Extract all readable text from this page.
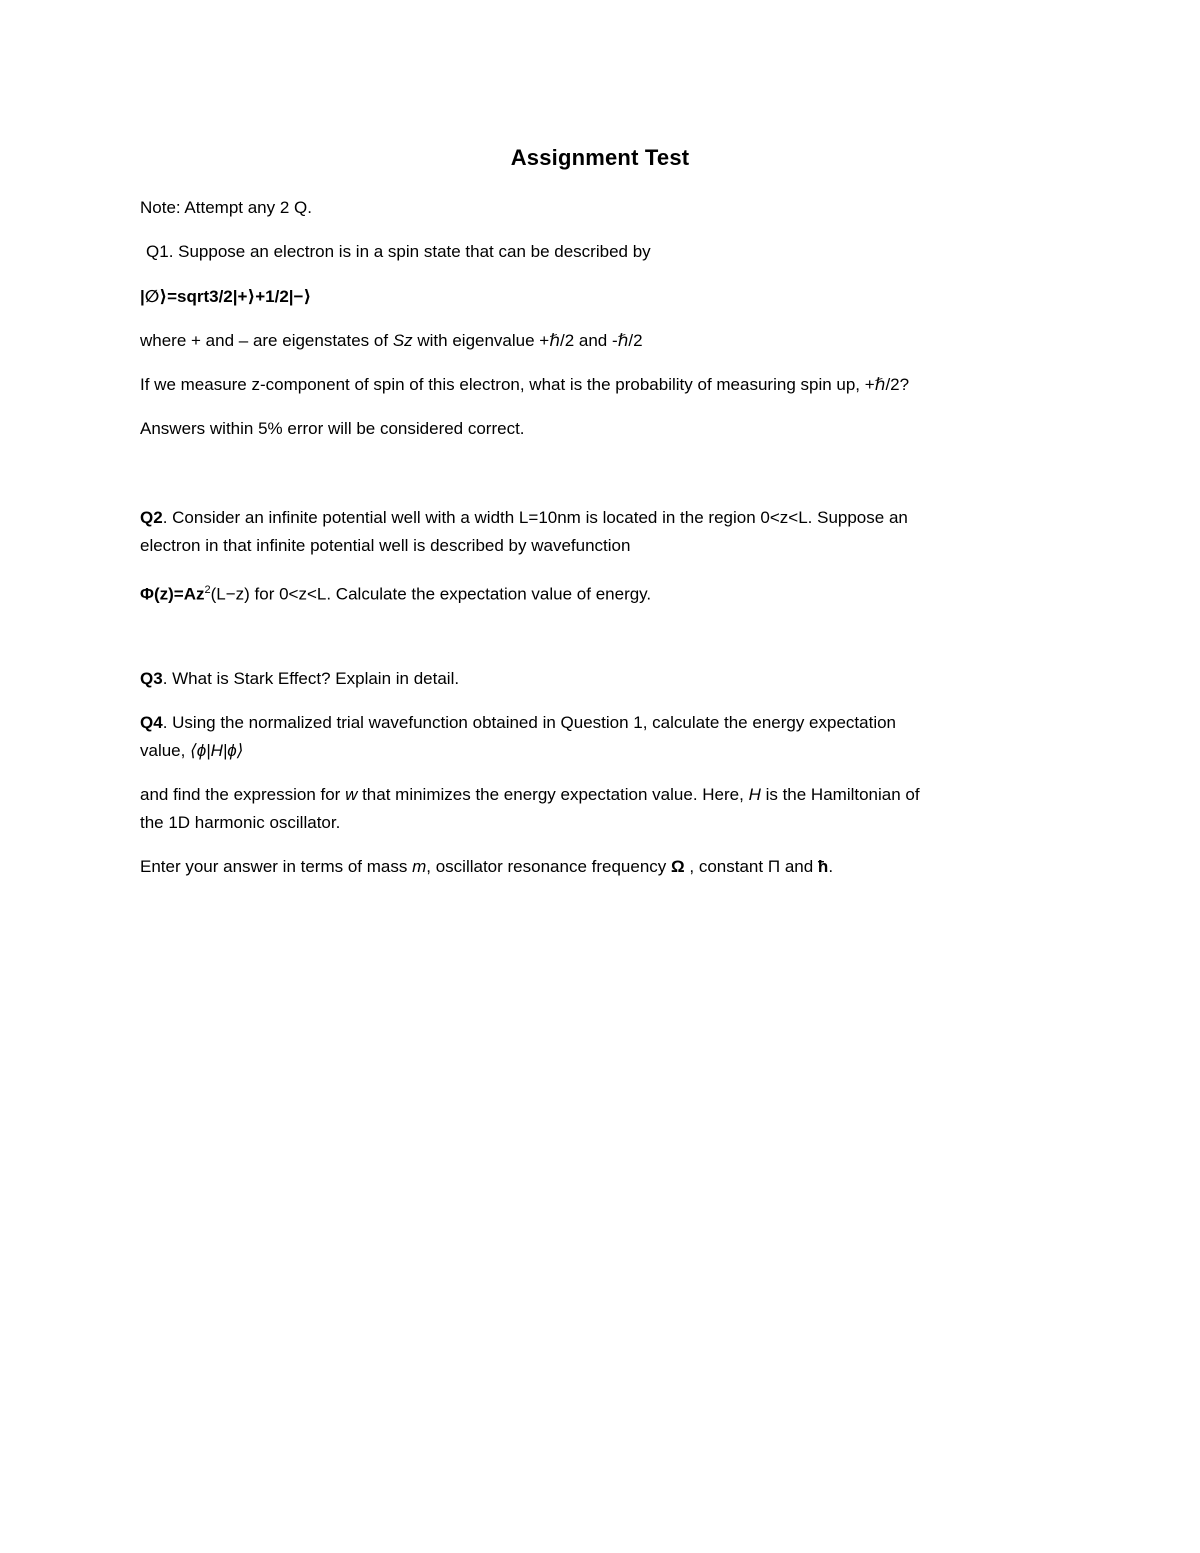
Assignment Test
Note: Attempt any 2 Q.
Q1. Suppose an electron is in a spin state that can be described by
|∅⟩=sqrt3/2|+⟩+1/2|−⟩
where + and – are eigenstates of Sz with eigenvalue +ℏ/2 and -ℏ/2
If we measure z-component of spin of this electron, what is the probability of measuring spin up, +ℏ/2?
Answers within 5% error will be considered correct.
Q2. Consider an infinite potential well with a width L=10nm is located in the region 0<z<L. Suppose an
electron in that infinite potential well is described by wavefunction
$\Phi(z)=Az^2(L-z)$ for 0<z<L. Calculate the expectation value of energy.
Q3. What is Stark Effect? Explain in detail.
Q4. Using the normalized trial wavefunction obtained in Question 1, calculate the energy expectation
value, ⟨ϕ|H|ϕ⟩
and find the expression for w that minimizes the energy expectation value. Here, H is the Hamiltonian of
the 1D harmonic oscillator.
Enter your answer in terms of mass m, oscillator resonance frequency Ω , constant Π and ħ.
